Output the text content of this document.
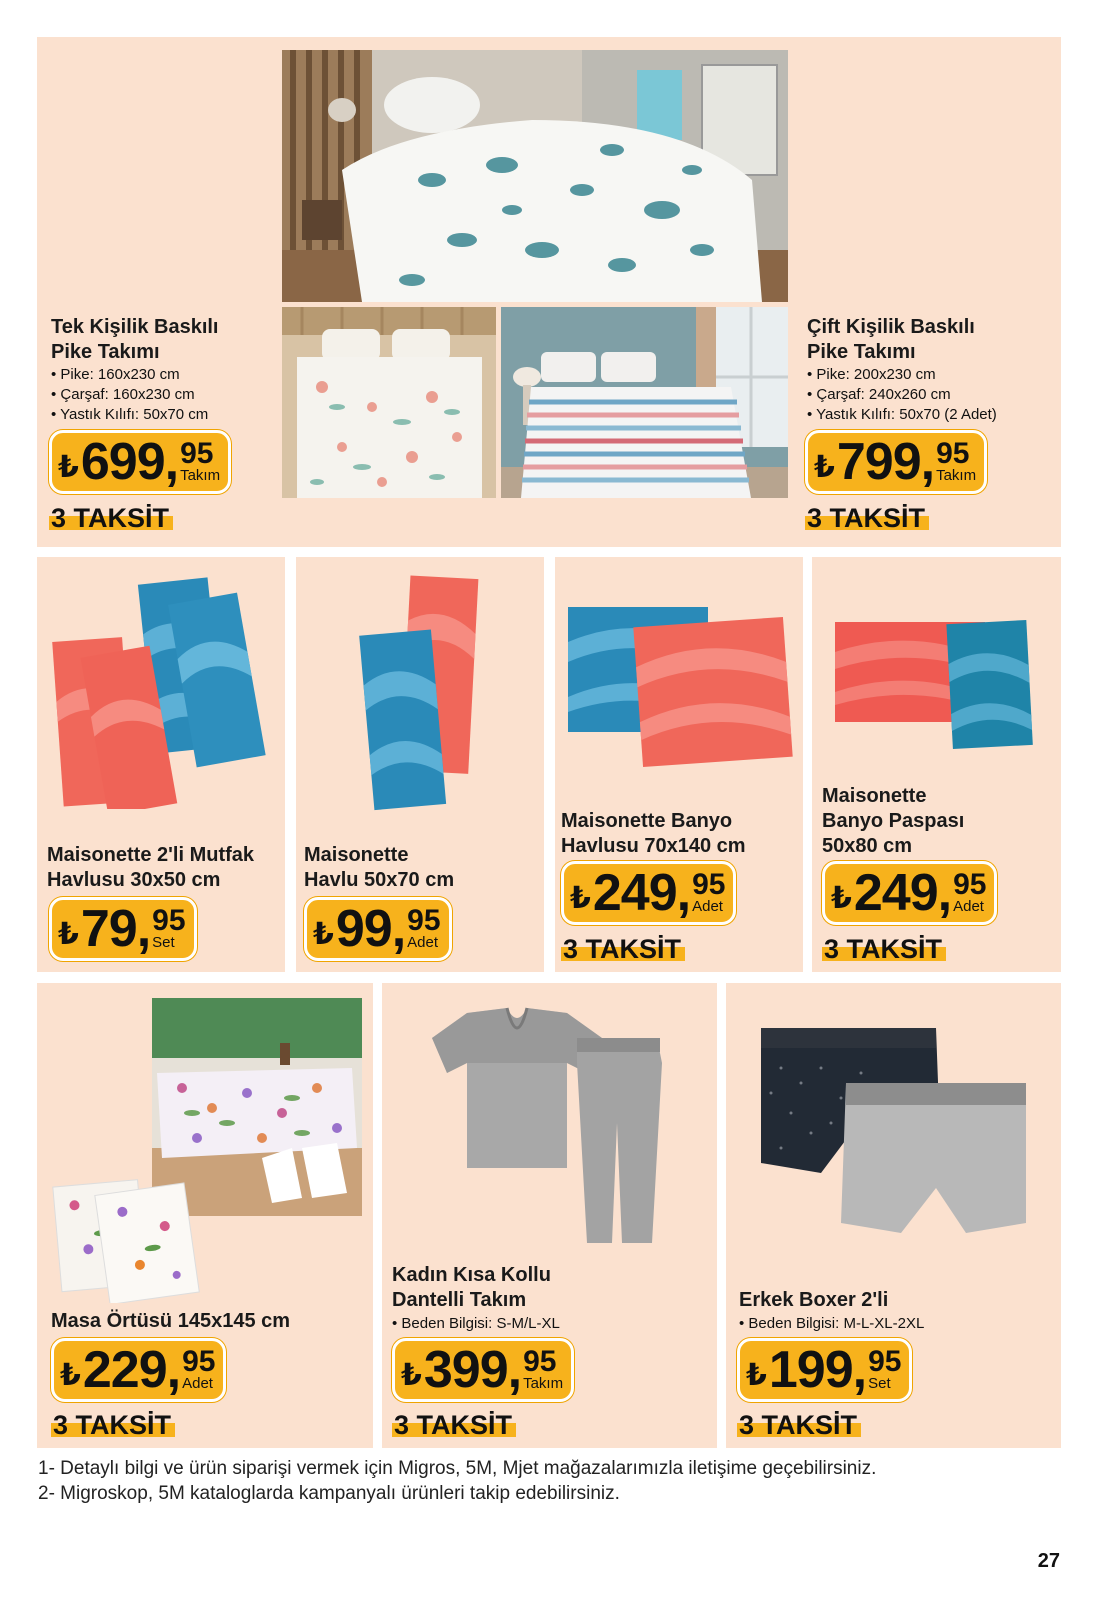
Tek Kişilik Baskılı
Pike Takımı
• Pike: 160x230 cm
• Çarşaf: 160x230 cm
• Yastık Kılıfı: 50x70 cm
₺ 699 , 95
Takım
3 TAKSİT
Çift Kişilik Baskılı
Pike Takımı
• Pike: 200x230 cm
• Çarşaf: 240x260 cm
• Yastık Kılıfı: 50x70 (2 Adet)
₺ 799 , 95
Takım
3 TAKSİT
Maisonette 2'li Mutfak
Havlusu 30x50 cm
₺ 79 , 95
Set
Maisonette
Havlu 50x70 cm
₺ 99 , 95
Adet
Maisonette Banyo
Havlusu 70x140 cm
₺ 249 , 95
Adet
3 TAKSİT
Maisonette
Banyo Paspası
50x80 cm
₺ 249 , 95
Adet
3 TAKSİT
Masa Örtüsü 145x145 cm
₺ 229 , 95
Adet
3 TAKSİT
Kadın Kısa Kollu
Dantelli Takım
• Beden Bilgisi: S-M/L-XL
₺ 399 , 95
Takım
3 TAKSİT
Erkek Boxer 2'li
• Beden Bilgisi: M-L-XL-2XL
₺ 199 , 95
Set
3 TAKSİT
1- Detaylı bilgi ve ürün siparişi vermek için Migros, 5M, Mjet mağazalarımızla iletişime geçebilirsiniz.
2- Migroskop, 5M kataloglarda kampanyalı ürünleri takip edebilirsiniz.
27
